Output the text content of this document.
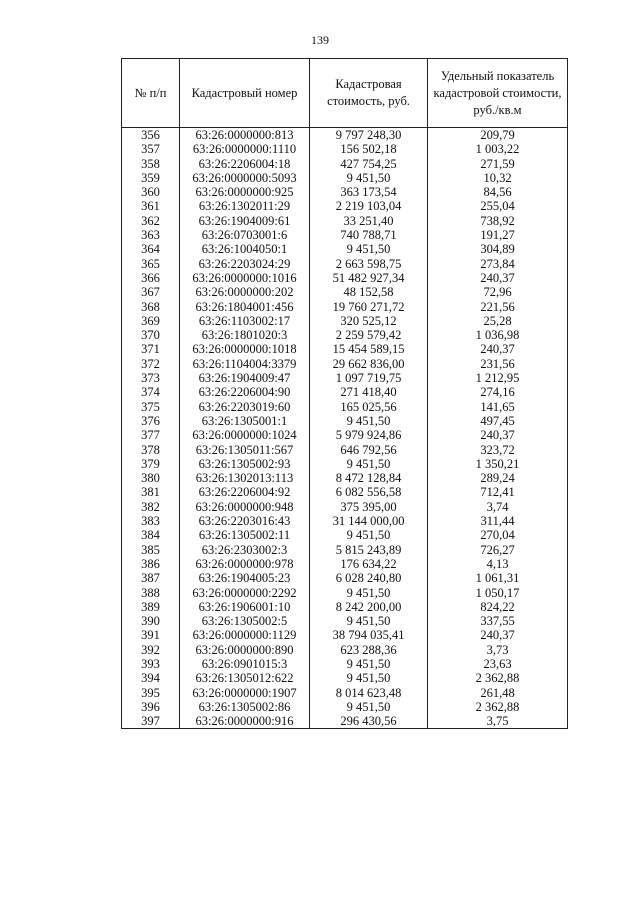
139
№ п/п	Кадастровый номер	Кадастровая стоимость, руб.	Удельный показатель кадастровой стоимости, руб./кв.м
356	63:26:0000000:813	9 797 248,30	209,79
357	63:26:0000000:1110	156 502,18	1 003,22
358	63:26:2206004:18	427 754,25	271,59
359	63:26:0000000:5093	9 451,50	10,32
360	63:26:0000000:925	363 173,54	84,56
361	63:26:1302011:29	2 219 103,04	255,04
362	63:26:1904009:61	33 251,40	738,92
363	63:26:0703001:6	740 788,71	191,27
364	63:26:1004050:1	9 451,50	304,89
365	63:26:2203024:29	2 663 598,75	273,84
366	63:26:0000000:1016	51 482 927,34	240,37
367	63:26:0000000:202	48 152,58	72,96
368	63:26:1804001:456	19 760 271,72	221,56
369	63:26:1103002:17	320 525,12	25,28
370	63:26:1801020:3	2 259 579,42	1 036,98
371	63:26:0000000:1018	15 454 589,15	240,37
372	63:26:1104004:3379	29 662 836,00	231,56
373	63:26:1904009:47	1 097 719,75	1 212,95
374	63:26:2206004:90	271 418,40	274,16
375	63:26:2203019:60	165 025,56	141,65
376	63:26:1305001:1	9 451,50	497,45
377	63:26:0000000:1024	5 979 924,86	240,37
378	63:26:1305011:567	646 792,56	323,72
379	63:26:1305002:93	9 451,50	1 350,21
380	63:26:1302013:113	8 472 128,84	289,24
381	63:26:2206004:92	6 082 556,58	712,41
382	63:26:0000000:948	375 395,00	3,74
383	63:26:2203016:43	31 144 000,00	311,44
384	63:26:1305002:11	9 451,50	270,04
385	63:26:2303002:3	5 815 243,89	726,27
386	63:26:0000000:978	176 634,22	4,13
387	63:26:1904005:23	6 028 240,80	1 061,31
388	63:26:0000000:2292	9 451,50	1 050,17
389	63:26:1906001:10	8 242 200,00	824,22
390	63:26:1305002:5	9 451,50	337,55
391	63:26:0000000:1129	38 794 035,41	240,37
392	63:26:0000000:890	623 288,36	3,73
393	63:26:0901015:3	9 451,50	23,63
394	63:26:1305012:622	9 451,50	2 362,88
395	63:26:0000000:1907	8 014 623,48	261,48
396	63:26:1305002:86	9 451,50	2 362,88
397	63:26:0000000:916	296 430,56	3,75
